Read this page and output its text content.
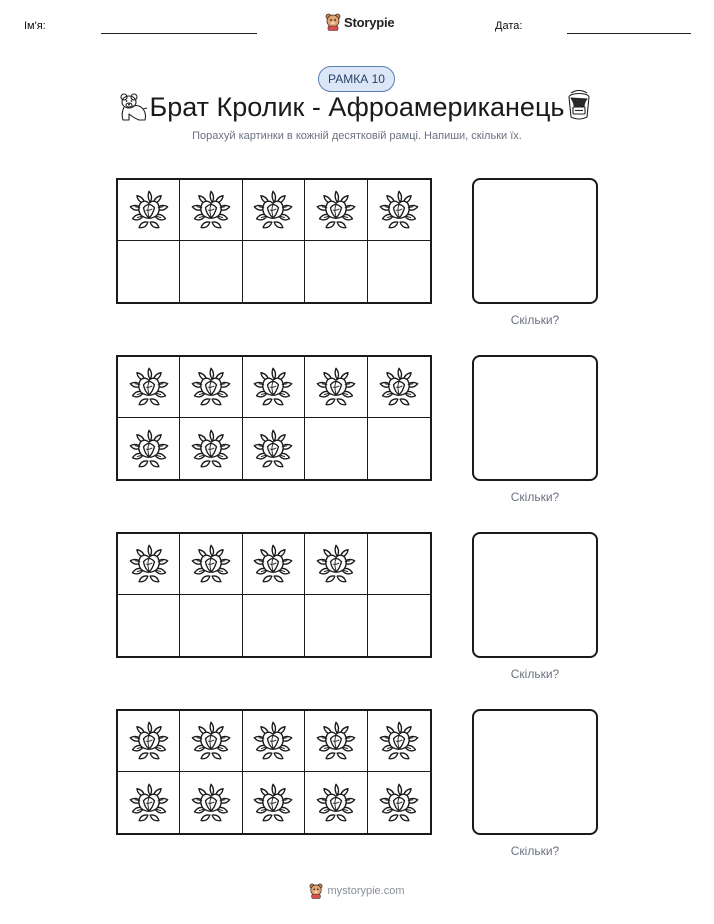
Ім'я:	Storypie	Дата:
РАМКА 10
Брат Кролик - Афроамериканець
Порахуй картинки в кожній десятковій рамці. Напиши, скільки їх.
Скільки?
Скільки?
Скільки?
Скільки?
mystorypie.com
